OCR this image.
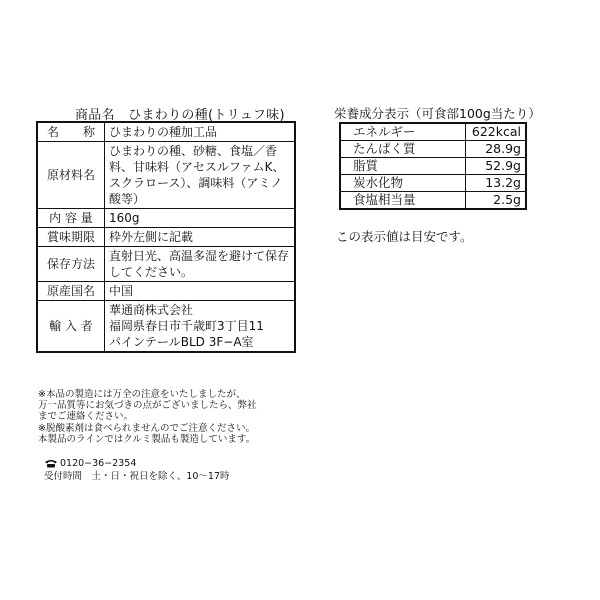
商品名　ひまわりの種(トリュフ味)
名　　称	ひまわりの種加工品
原材料名	ひまわりの種、砂糖、食塩／香料、甘味料（アセスルファムK、スクラロース）、調味料（アミノ酸等）
内 容 量	160g
賞味期限	枠外左側に記載
保存方法	直射日光、高温多湿を避けて保存してください。
原産国名	中国
輸 入 者	華通商株式会社
福岡県春日市千歳町3丁目11
パインテールBLD 3F−A室
※本品の製造には万全の注意をいたしましたが、
万一品質等にお気づきの点がございましたら、弊社
までご連絡ください。
※脱酸素剤は食べられませんのでご注意ください。
本製品のラインではクルミ製品も製造しています。
0120−36−2354
受付時間　土・日・祝日を除く、10〜17時
栄養成分表示（可食部100g当たり）
エネルギー	622kcal
たんぱく質	28.9g
脂質	52.9g
炭水化物	13.2g
食塩相当量	2.5g
この表示値は目安です。
